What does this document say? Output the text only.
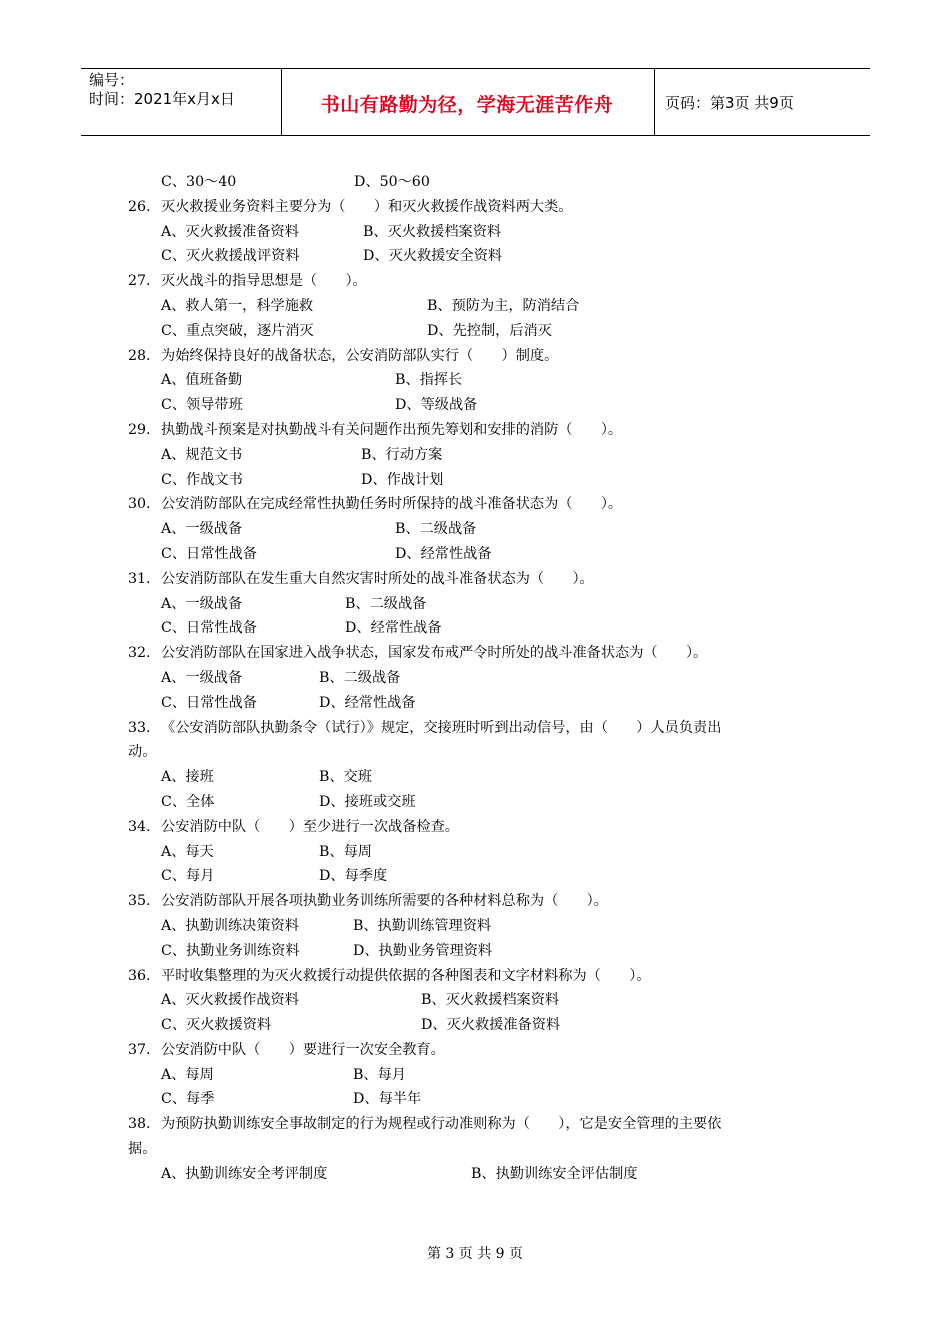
编号：
时间：2021年x月x日	书山有路勤为径，学海无涯苦作舟	页码：第3页 共9页
C、30～40	D、50～60
26. 灭火救援业务资料主要分为（　　）和灭火救援作战资料两大类。
A、灭火救援准备资料	B、灭火救援档案资料
C、灭火救援战评资料	D、灭火救援安全资料
27. 灭火战斗的指导思想是（　　）。
A、救人第一，科学施救	B、预防为主，防消结合
C、重点突破，逐片消灭	D、先控制，后消灭
28. 为始终保持良好的战备状态，公安消防部队实行（　　）制度。
A、值班备勤	B、指挥长
C、领导带班	D、等级战备
29. 执勤战斗预案是对执勤战斗有关问题作出预先筹划和安排的消防（　　）。
A、规范文书	B、行动方案
C、作战文书	D、作战计划
30. 公安消防部队在完成经常性执勤任务时所保持的战斗准备状态为（　　）。
A、一级战备	B、二级战备
C、日常性战备	D、经常性战备
31. 公安消防部队在发生重大自然灾害时所处的战斗准备状态为（　　）。
A、一级战备	B、二级战备
C、日常性战备	D、经常性战备
32. 公安消防部队在国家进入战争状态，国家发布戒严令时所处的战斗准备状态为（　　）。
A、一级战备	B、二级战备
C、日常性战备	D、经常性战备
33. 《公安消防部队执勤条令（试行）》规定，交接班时听到出动信号，由（　　）人员负责出
动。
A、接班	B、交班
C、全体	D、接班或交班
34. 公安消防中队（　　）至少进行一次战备检查。
A、每天	B、每周
C、每月	D、每季度
35. 公安消防部队开展各项执勤业务训练所需要的各种材料总称为（　　）。
A、执勤训练决策资料	B、执勤训练管理资料
C、执勤业务训练资料	D、执勤业务管理资料
36. 平时收集整理的为灭火救援行动提供依据的各种图表和文字材料称为（　　）。
A、灭火救援作战资料	B、灭火救援档案资料
C、灭火救援资料	D、灭火救援准备资料
37. 公安消防中队（　　）要进行一次安全教育。
A、每周	B、每月
C、每季	D、每半年
38. 为预防执勤训练安全事故制定的行为规程或行动准则称为（　　），它是安全管理的主要依
据。
A、执勤训练安全考评制度	B、执勤训练安全评估制度
第 3 页 共 9 页
